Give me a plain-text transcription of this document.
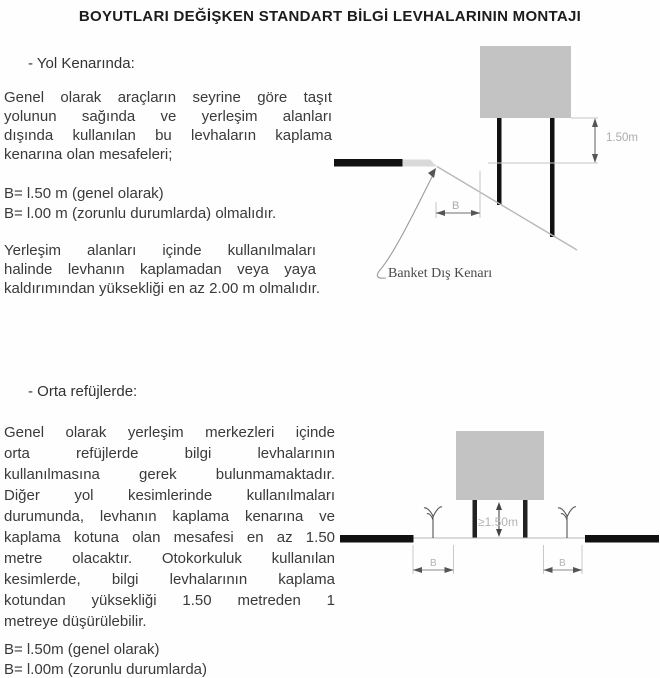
BOYUTLARI DEĞİŞKEN STANDART BİLGİ LEVHALARININ MONTAJI
- Yol Kenarında:
Genel olarak araçların seyrine göre taşıt
yolunun sağında ve yerleşim alanları
dışında kullanılan bu levhaların kaplama
kenarına olan mesafeleri;
B= l.50 m (genel olarak)
B= l.00 m (zorunlu durumlarda) olmalıdır.
Yerleşim alanları içinde kullanılmaları
halinde levhanın kaplamadan veya yaya
kaldırımından yüksekliği en az 2.00 m olmalıdır.
- Orta refüjlerde:
Genel olarak yerleşim merkezleri içinde
orta refüjlerde bilgi levhalarının
kullanılmasına gerek bulunmamaktadır.
Diğer yol kesimlerinde kullanılmaları
durumunda, levhanın kaplama kenarına ve
kaplama kotuna olan mesafesi en az 1.50
metre olacaktır. Otokorkuluk kullanılan
kesimlerde, bilgi levhalarının kaplama
kotundan yüksekliği 1.50 metreden 1
metreye düşürülebilir.
B= l.50m (genel olarak)
B= l.00m (zorunlu durumlarda)
1.50m
B
Banket Dış Kenarı
≥1.50m
B	B
